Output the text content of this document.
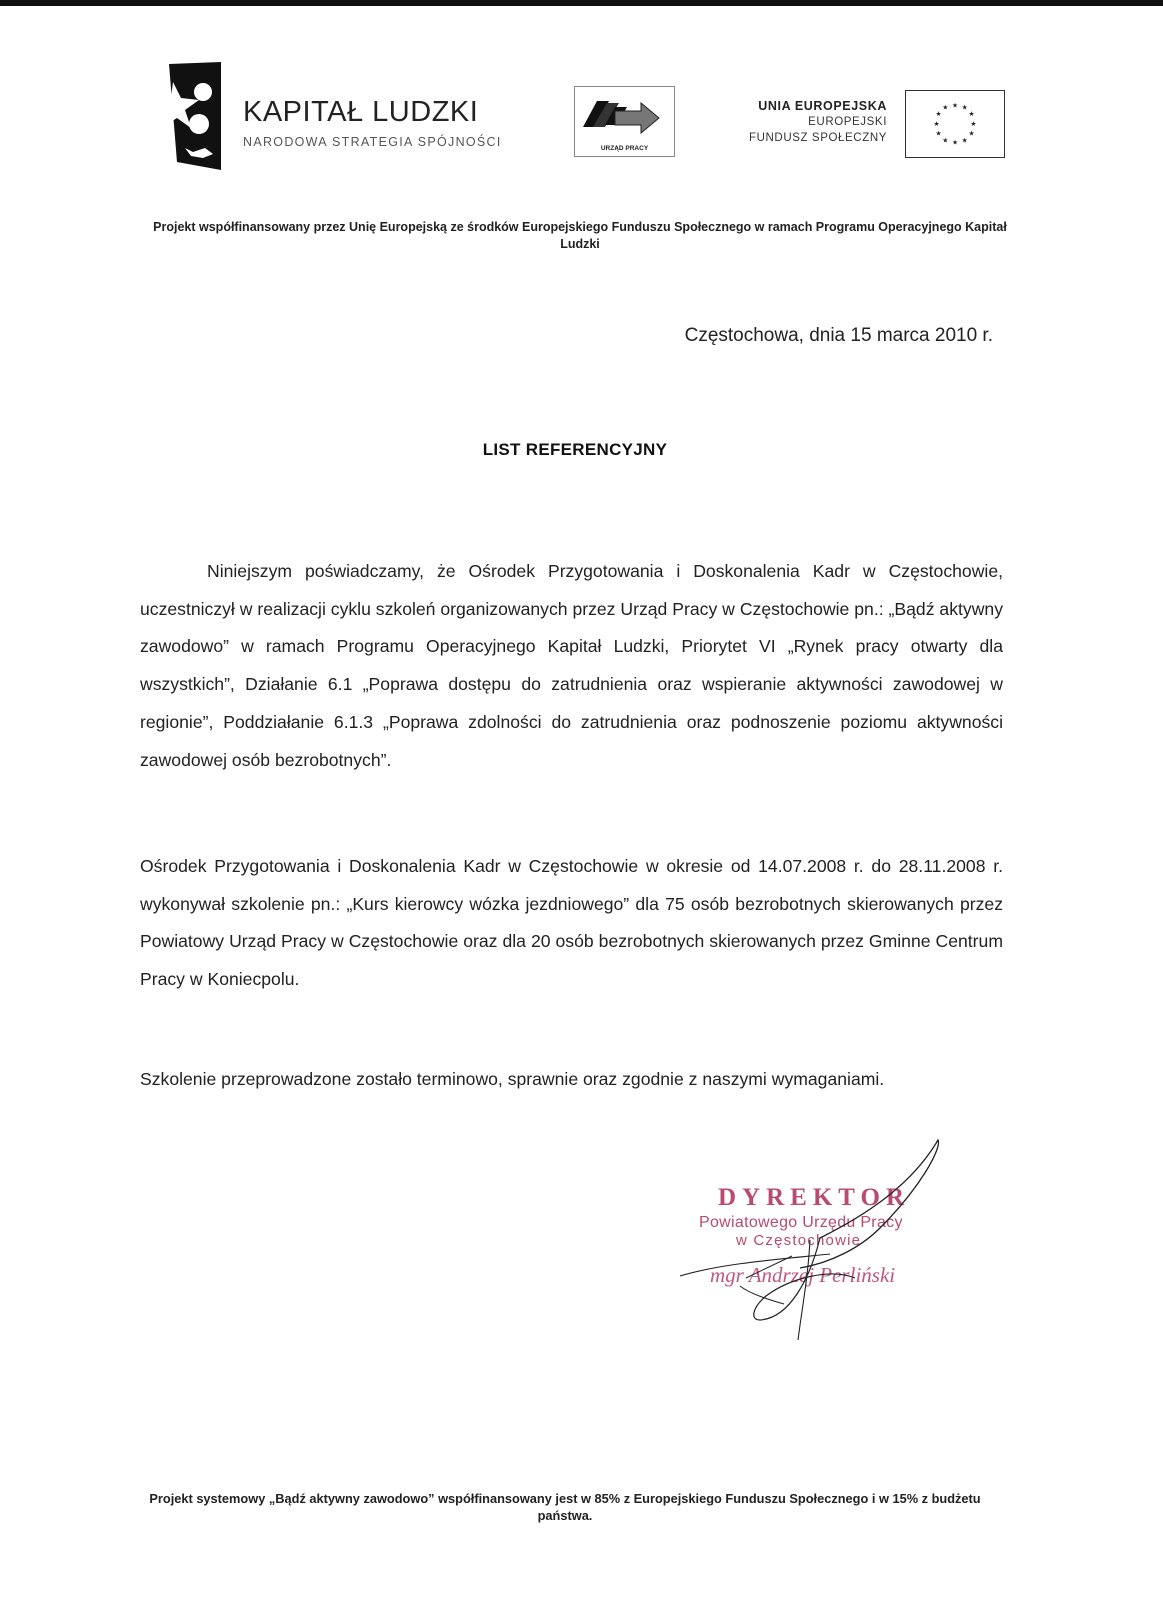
KAPITAŁ LUDZKI
NARODOWA STRATEGIA SPÓJNOŚCI	URZĄD PRACY
UNIA EUROPEJSKA
EUROPEJSKI
FUNDUSZ SPOŁECZNY
★ ★
★
★
★
★
★
★
★
★
★
★
Projekt współfinansowany przez Unię Europejską ze środków Europejskiego Funduszu Społecznego w ramach Programu Operacyjnego Kapitał Ludzki
Częstochowa, dnia 15 marca 2010 r.
LIST REFERENCYJNY

Niniejszym poświadczamy, że Ośrodek Przygotowania i Doskonalenia Kadr w Częstochowie, uczestniczył w realizacji cyklu szkoleń organizowanych przez Urząd Pracy w Częstochowie pn.: „Bądź aktywny zawodowo” w ramach Programu Operacyjnego Kapitał Ludzki, Priorytet VI „Rynek pracy otwarty dla wszystkich”, Działanie 6.1 „Poprawa dostępu do zatrudnienia oraz wspieranie aktywności zawodowej w regionie”, Poddziałanie 6.1.3 „Poprawa zdolności do zatrudnienia oraz podnoszenie poziomu aktywności zawodowej osób bezrobotnych”.

Ośrodek Przygotowania i Doskonalenia Kadr w Częstochowie w okresie od 14.07.2008 r. do 28.11.2008 r. wykonywał szkolenie pn.: „Kurs kierowcy wózka jezdniowego” dla 75 osób bezrobotnych skierowanych przez Powiatowy Urząd Pracy w Częstochowie oraz dla 20 osób bezrobotnych skierowanych przez Gminne Centrum Pracy w Koniecpolu.

Szkolenie przeprowadzone zostało terminowo, sprawnie oraz zgodnie z naszymi wymaganiami.

DYREKTOR
Powiatowego Urzędu Pracy
w Częstochowie
mgr Andrzej Perliński
Projekt systemowy „Bądź aktywny zawodowo” współfinansowany jest w 85% z Europejskiego Funduszu Społecznego i w 15% z budżetu państwa.
